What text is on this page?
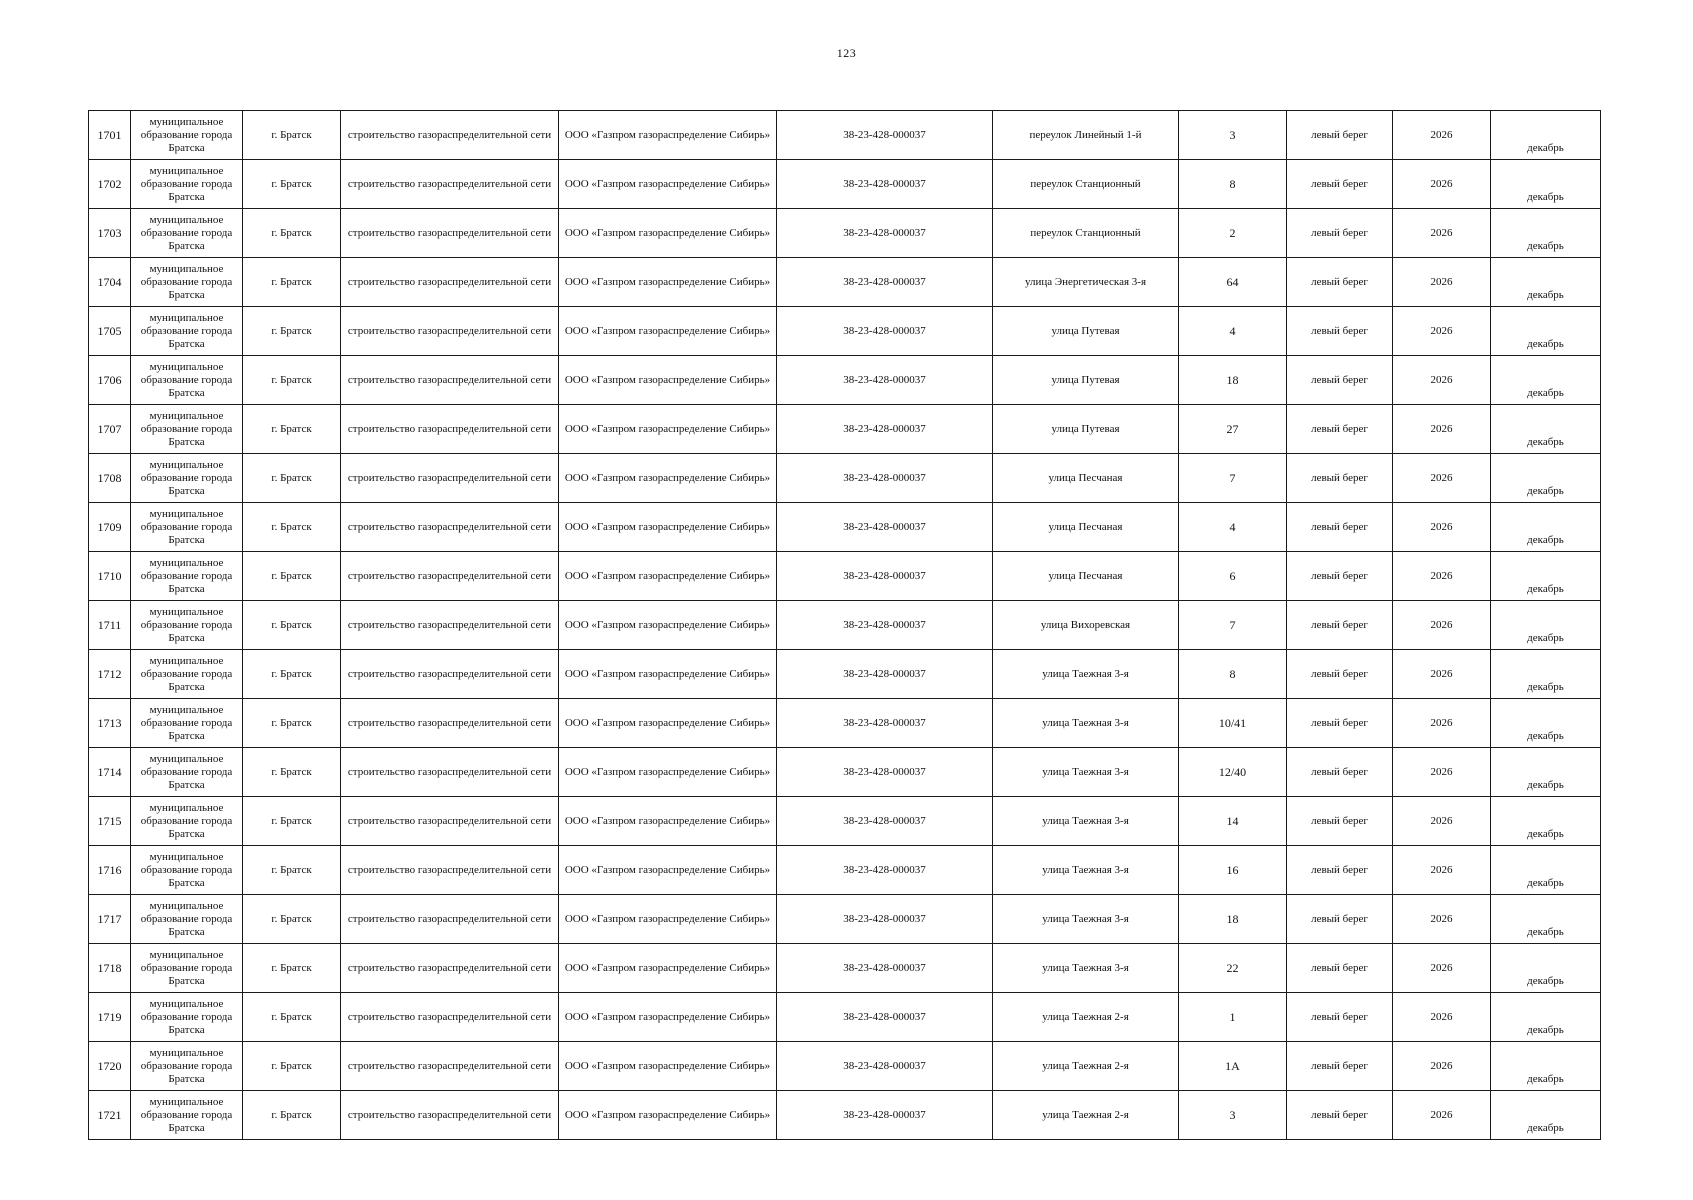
123
1701	муниципальное образование города Братска	г. Братск	строительство газораспределительной сети	ООО «Газпром газораспределение Сибирь»	38-23-428-000037	переулок Линейный 1-й	3	левый берег	2026	декабрь
1702	муниципальное образование города Братска	г. Братск	строительство газораспределительной сети	ООО «Газпром газораспределение Сибирь»	38-23-428-000037	переулок Станционный	8	левый берег	2026	декабрь
1703	муниципальное образование города Братска	г. Братск	строительство газораспределительной сети	ООО «Газпром газораспределение Сибирь»	38-23-428-000037	переулок Станционный	2	левый берег	2026	декабрь
1704	муниципальное образование города Братска	г. Братск	строительство газораспределительной сети	ООО «Газпром газораспределение Сибирь»	38-23-428-000037	улица Энергетическая 3-я	64	левый берег	2026	декабрь
1705	муниципальное образование города Братска	г. Братск	строительство газораспределительной сети	ООО «Газпром газораспределение Сибирь»	38-23-428-000037	улица Путевая	4	левый берег	2026	декабрь
1706	муниципальное образование города Братска	г. Братск	строительство газораспределительной сети	ООО «Газпром газораспределение Сибирь»	38-23-428-000037	улица Путевая	18	левый берег	2026	декабрь
1707	муниципальное образование города Братска	г. Братск	строительство газораспределительной сети	ООО «Газпром газораспределение Сибирь»	38-23-428-000037	улица Путевая	27	левый берег	2026	декабрь
1708	муниципальное образование города Братска	г. Братск	строительство газораспределительной сети	ООО «Газпром газораспределение Сибирь»	38-23-428-000037	улица Песчаная	7	левый берег	2026	декабрь
1709	муниципальное образование города Братска	г. Братск	строительство газораспределительной сети	ООО «Газпром газораспределение Сибирь»	38-23-428-000037	улица Песчаная	4	левый берег	2026	декабрь
1710	муниципальное образование города Братска	г. Братск	строительство газораспределительной сети	ООО «Газпром газораспределение Сибирь»	38-23-428-000037	улица Песчаная	6	левый берег	2026	декабрь
1711	муниципальное образование города Братска	г. Братск	строительство газораспределительной сети	ООО «Газпром газораспределение Сибирь»	38-23-428-000037	улица Вихоревская	7	левый берег	2026	декабрь
1712	муниципальное образование города Братска	г. Братск	строительство газораспределительной сети	ООО «Газпром газораспределение Сибирь»	38-23-428-000037	улица Таежная 3-я	8	левый берег	2026	декабрь
1713	муниципальное образование города Братска	г. Братск	строительство газораспределительной сети	ООО «Газпром газораспределение Сибирь»	38-23-428-000037	улица Таежная 3-я	10/41	левый берег	2026	декабрь
1714	муниципальное образование города Братска	г. Братск	строительство газораспределительной сети	ООО «Газпром газораспределение Сибирь»	38-23-428-000037	улица Таежная 3-я	12/40	левый берег	2026	декабрь
1715	муниципальное образование города Братска	г. Братск	строительство газораспределительной сети	ООО «Газпром газораспределение Сибирь»	38-23-428-000037	улица Таежная 3-я	14	левый берег	2026	декабрь
1716	муниципальное образование города Братска	г. Братск	строительство газораспределительной сети	ООО «Газпром газораспределение Сибирь»	38-23-428-000037	улица Таежная 3-я	16	левый берег	2026	декабрь
1717	муниципальное образование города Братска	г. Братск	строительство газораспределительной сети	ООО «Газпром газораспределение Сибирь»	38-23-428-000037	улица Таежная 3-я	18	левый берег	2026	декабрь
1718	муниципальное образование города Братска	г. Братск	строительство газораспределительной сети	ООО «Газпром газораспределение Сибирь»	38-23-428-000037	улица Таежная 3-я	22	левый берег	2026	декабрь
1719	муниципальное образование города Братска	г. Братск	строительство газораспределительной сети	ООО «Газпром газораспределение Сибирь»	38-23-428-000037	улица Таежная 2-я	1	левый берег	2026	декабрь
1720	муниципальное образование города Братска	г. Братск	строительство газораспределительной сети	ООО «Газпром газораспределение Сибирь»	38-23-428-000037	улица Таежная 2-я	1А	левый берег	2026	декабрь
1721	муниципальное образование города Братска	г. Братск	строительство газораспределительной сети	ООО «Газпром газораспределение Сибирь»	38-23-428-000037	улица Таежная 2-я	3	левый берег	2026	декабрь
